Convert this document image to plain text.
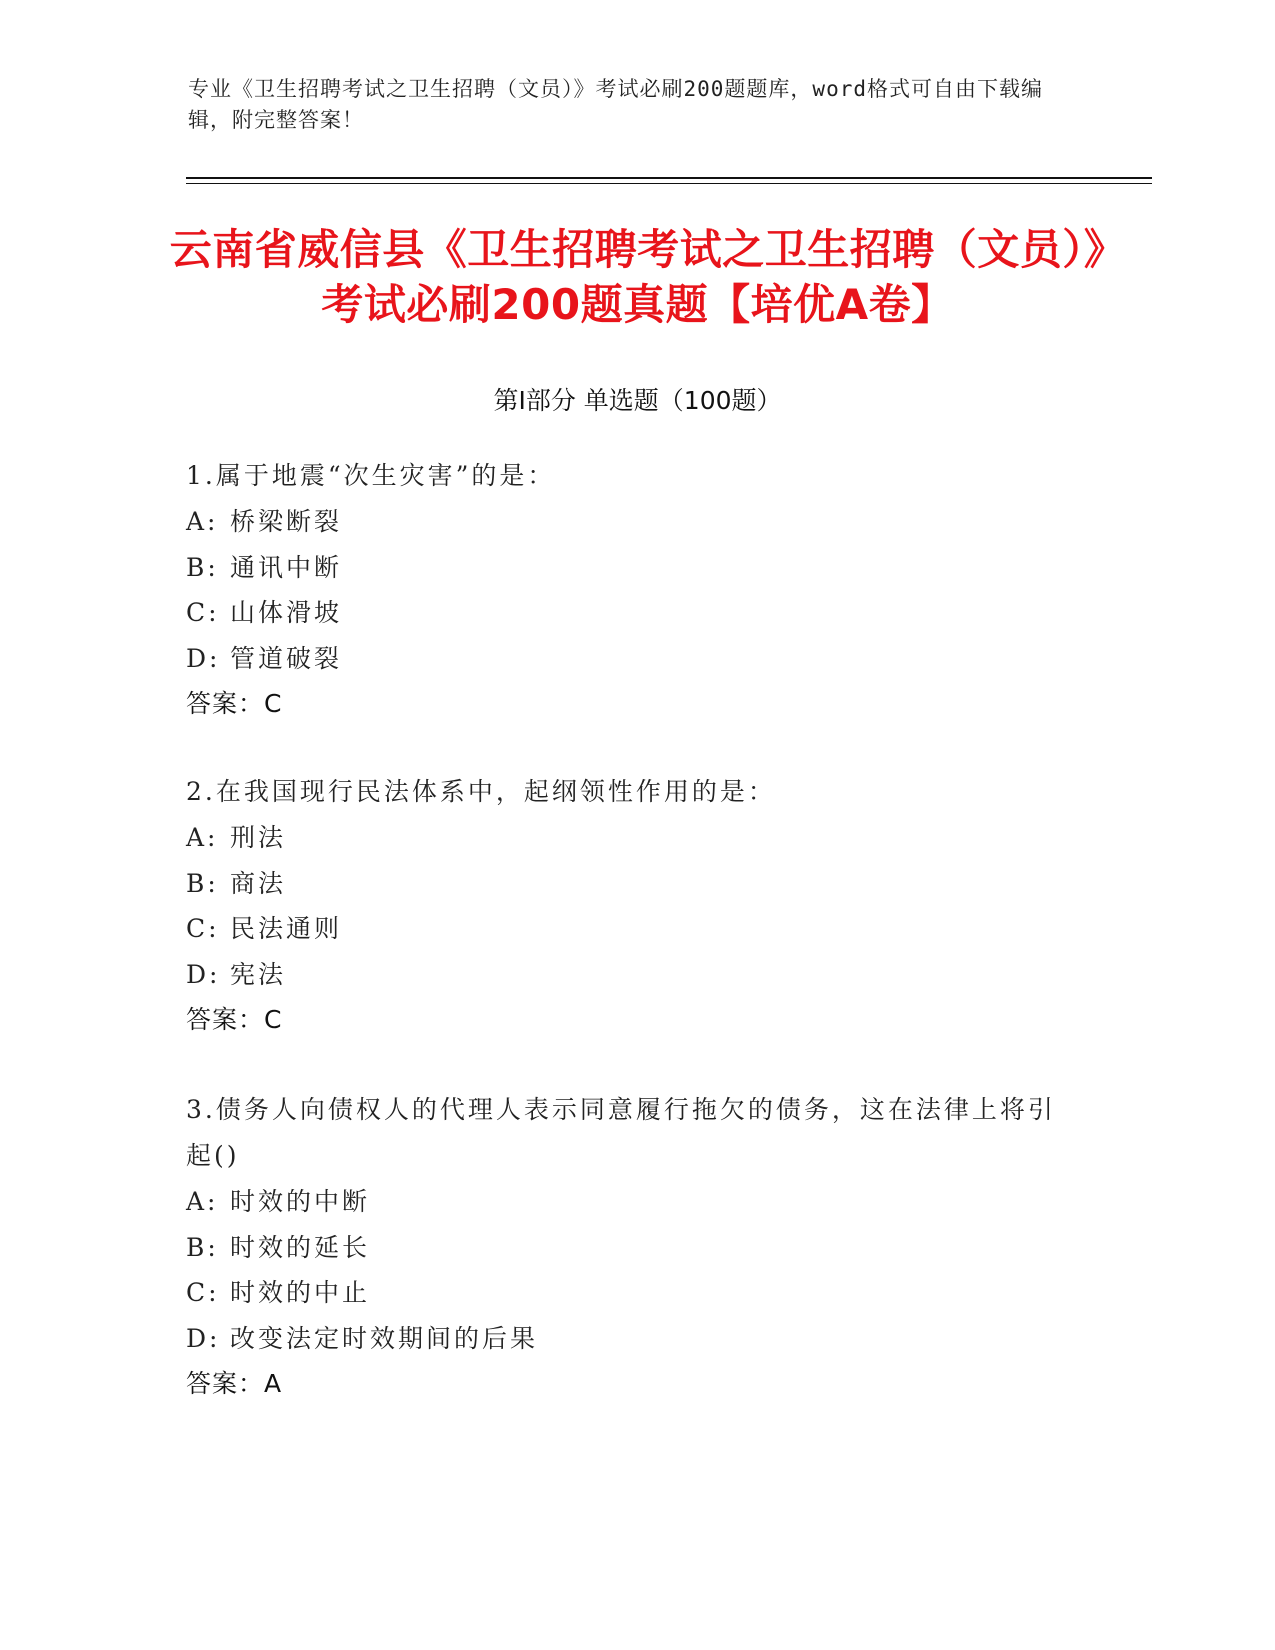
专业《卫生招聘考试之卫生招聘（文员）》考试必刷200题题库，word格式可自由下载编辑，附完整答案！
云南省威信县《卫生招聘考试之卫生招聘（文员）》考试必刷200题真题【培优A卷】
第Ⅰ部分 单选题（100题）
1.属于地震“次生灾害”的是：
A: 桥梁断裂
B: 通讯中断
C: 山体滑坡
D: 管道破裂
答案：C
2.在我国现行民法体系中，起纲领性作用的是：
A: 刑法
B: 商法
C: 民法通则
D: 宪法
答案：C
3.债务人向债权人的代理人表示同意履行拖欠的债务，这在法律上将引起()
A: 时效的中断
B: 时效的延长
C: 时效的中止
D: 改变法定时效期间的后果
答案：A
